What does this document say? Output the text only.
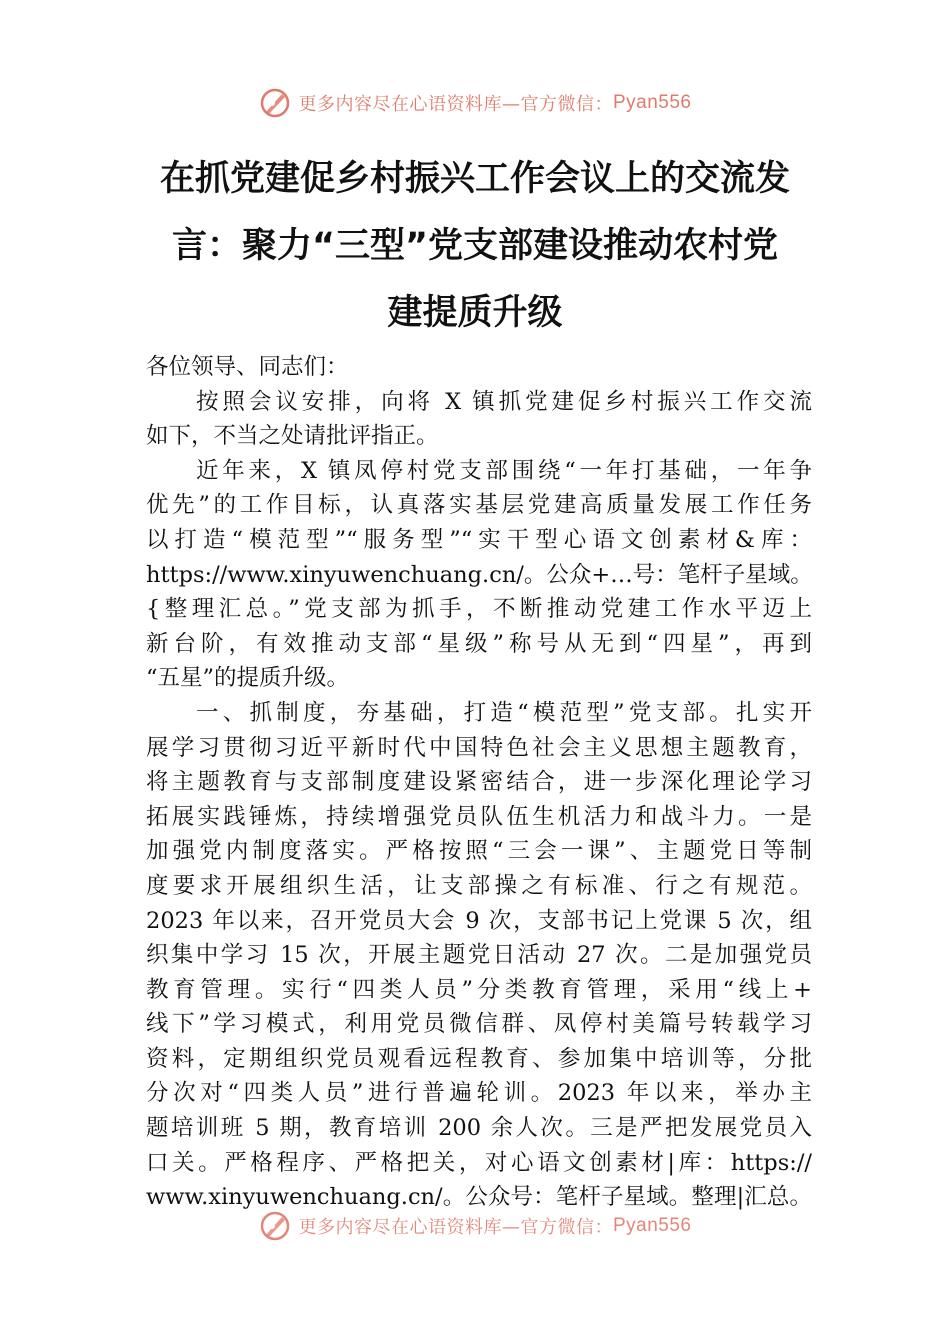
更多内容尽在心语资料库—官方微信： Pyan556
在抓党建促乡村振兴工作会议上的交流发
言：聚力“三型”党支部建设推动农村党
建提质升级
各位领导、同志们：
按照会议安排，向将 X 镇抓党建促乡村振兴工作交流
如下，不当之处请批评指正。
近年来，X 镇凤停村党支部围绕“一年打基础，一年争
优先”的工作目标，认真落实基层党建高质量发展工作任务
以打造“模范型”“服务型”“实干型心语文创素材&库：
https://www.xinyuwenchuang.cn/。公众+…号：笔杆子星域。
{整理汇总。”党支部为抓手，不断推动党建工作水平迈上
新台阶，有效推动支部“星级”称号从无到“四星”，再到
“五星”的提质升级。
一、抓制度，夯基础，打造“模范型”党支部。扎实开
展学习贯彻习近平新时代中国特色社会主义思想主题教育，
将主题教育与支部制度建设紧密结合，进一步深化理论学习
拓展实践锤炼，持续增强党员队伍生机活力和战斗力。一是
加强党内制度落实。严格按照“三会一课”、主题党日等制
度要求开展组织生活，让支部操之有标准、行之有规范。
2023 年以来，召开党员大会 9 次，支部书记上党课 5 次，组
织集中学习 15 次，开展主题党日活动 27 次。二是加强党员
教育管理。实行“四类人员”分类教育管理，采用“线上+
线下”学习模式，利用党员微信群、凤停村美篇号转载学习
资料，定期组织党员观看远程教育、参加集中培训等，分批
分次对“四类人员”进行普遍轮训。2023 年以来，举办主
题培训班 5 期，教育培训 200 余人次。三是严把发展党员入
口关。严格程序、严格把关，对心语文创素材|库：https://
www.xinyuwenchuang.cn/。公众号：笔杆子星域。整理|汇总。
更多内容尽在心语资料库—官方微信： Pyan556
